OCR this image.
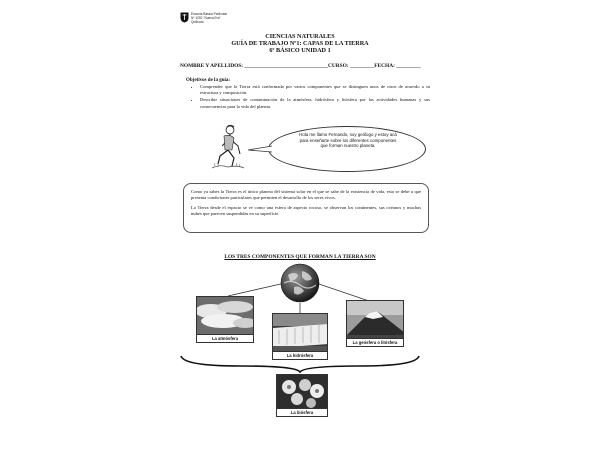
Escuela Básica Particular
Nº 1092 "Nueva Era"
Quilicura
CIENCIAS NATURALES
GUÍA DE TRABAJO Nº1: CAPAS DE LA TIERRA
6º BÁSICO UNIDAD 1
NOMBRE Y APELLIDOS: _______________________________CURSO: _________FECHA: _________
Objetivos de la guía:
• Comprender que la Tierra está conformada por varios componentes que se distinguen unos de otros de acuerdo a su estructura y composición.
• Describir situaciones de contaminación de la atmósfera, hidrósfera y litósfera por las actividades humanas y sus consecuencias para la vida del planeta.
Hola me llamo Fernando, soy geólogo y estoy acá para enseñarte sobre los diferentes componentes que forman nuestro planeta.

Como ya sabes la Tierra es el único planeta del sistema solar en el que se sabe de la existencia de vida, esto se debe a que presenta condiciones particulares que permiten el desarrollo de los seres vivos.

La Tierra desde el espacio se ve como una esfera de aspecto rocoso, se observan los continentes, sus océanos y muchas nubes que parecen suspendidas en su superficie.

LOS TRES COMPONENTES QUE FORMAN LA TIERRA SON
La atmósfera
La hidrósfera
La geósfera o litósfera
La biósfera
